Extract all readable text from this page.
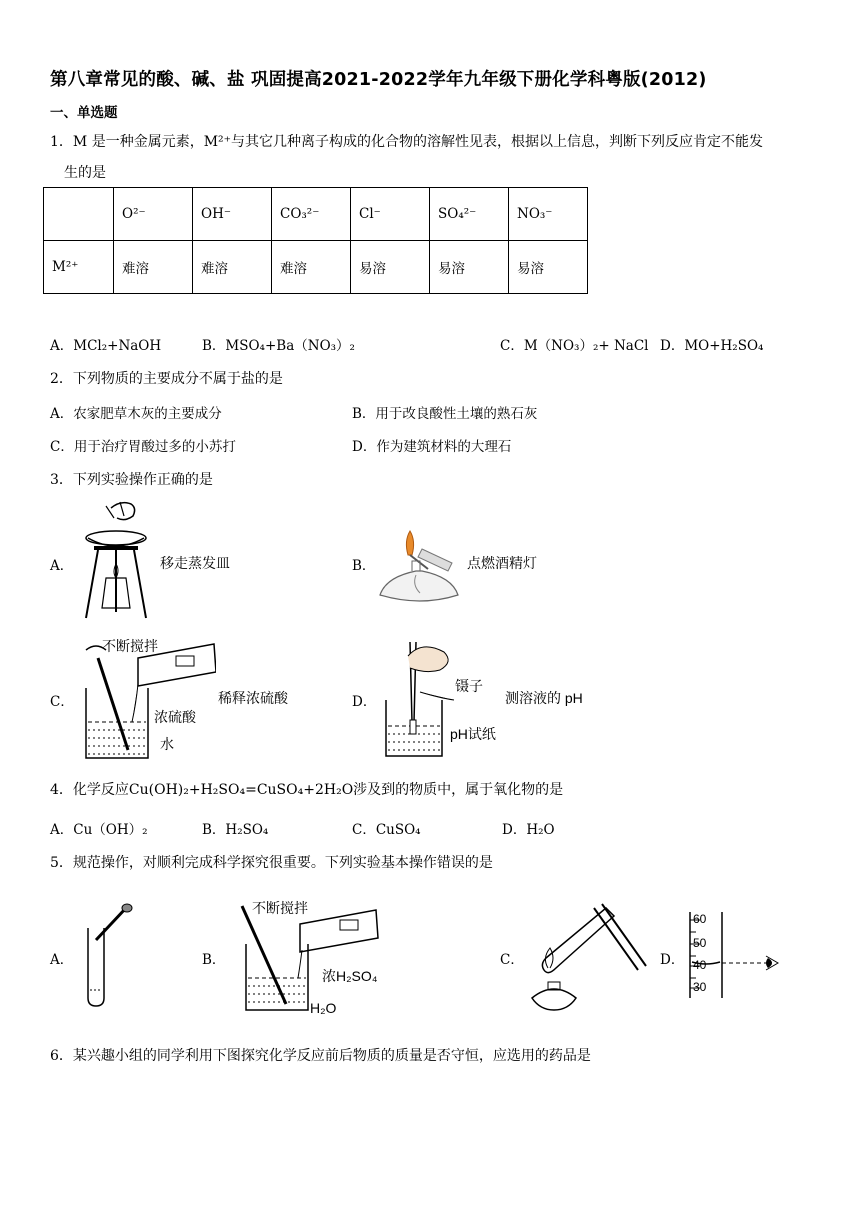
第八章常见的酸、碱、盐 巩固提高2021-2022学年九年级下册化学科粤版(2012)
一、单选题
1．M 是一种金属元素，M²⁺与其它几种离子构成的化合物的溶解性见表，根据以上信息，判断下列反应肯定不能发
生的是
	O²⁻	OH⁻	CO₃²⁻	Cl⁻	SO₄²⁻	NO₃⁻
M²⁺	难溶	难溶	难溶	易溶	易溶	易溶
A．MCl₂+NaOH	B．MSO₄+Ba（NO₃）₂	C．M（NO₃）₂+ NaCl D．MO+H₂SO₄
2．下列物质的主要成分不属于盐的是
A．农家肥草木灰的主要成分	B．用于改良酸性土壤的熟石灰
C．用于治疗胃酸过多的小苏打	D．作为建筑材料的大理石
3．下列实验操作正确的是
A．	移走蒸发皿	B．	点燃酒精灯
C．
不断搅拌
浓硫酸
水
稀释浓硫酸	D．
镊子
pH试纸
测溶液的 pH
4．化学反应Cu(OH)₂+H₂SO₄=CuSO₄+2H₂O涉及到的物质中，属于氧化物的是
A．Cu（OH）₂	B．H₂SO₄	C．CuSO₄	D．H₂O
5．规范操作，对顺利完成科学探究很重要。下列实验基本操作错误的是
A．	B．
不断搅拌
浓H₂SO₄
H₂O
C．	D．
60
50
40
30
6．某兴趣小组的同学利用下图探究化学反应前后物质的质量是否守恒，应选用的药品是
